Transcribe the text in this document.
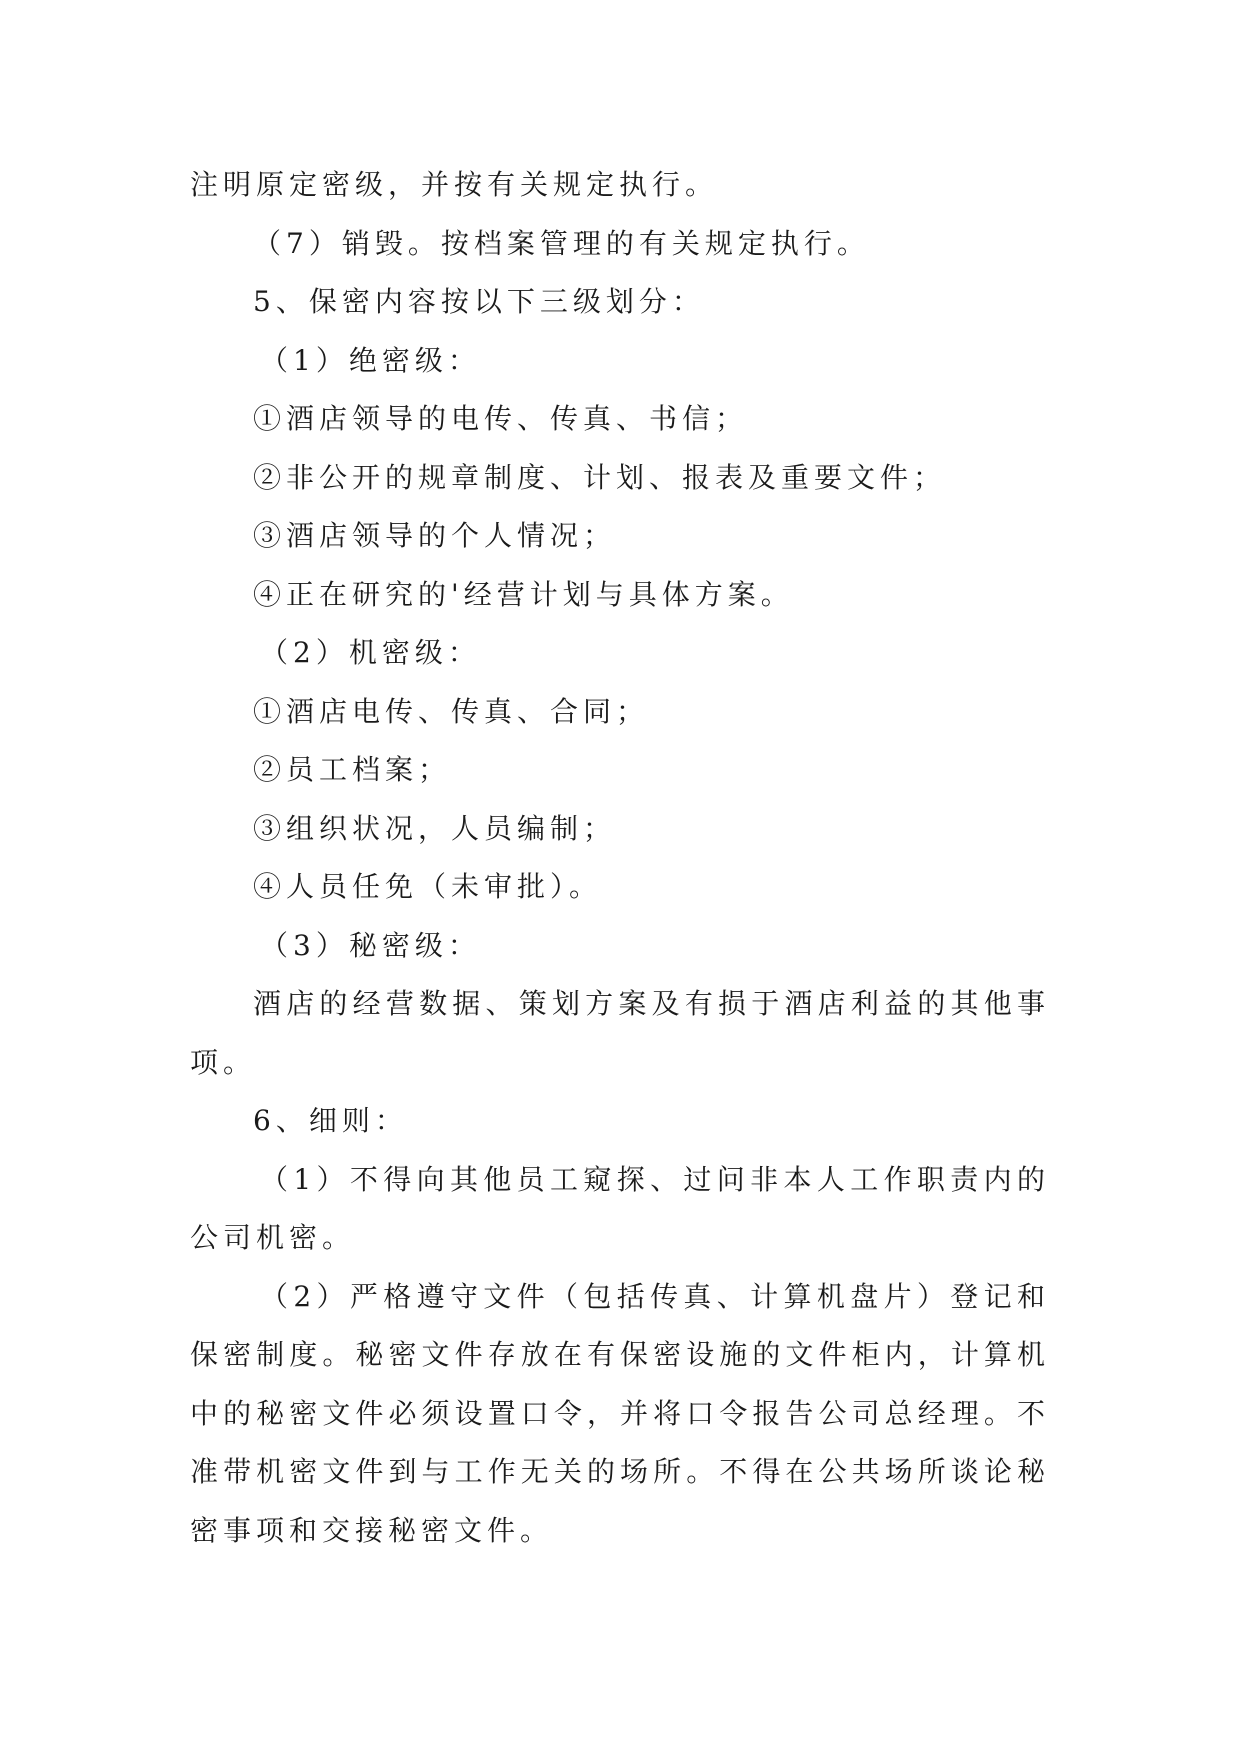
注明原定密级，并按有关规定执行。
（7）销毁。按档案管理的有关规定执行。
5、保密内容按以下三级划分：
（1）绝密级：
①酒店领导的电传、传真、书信；
②非公开的规章制度、计划、报表及重要文件；
③酒店领导的个人情况；
④正在研究的'经营计划与具体方案。
（2）机密级：
①酒店电传、传真、合同；
②员工档案；
③组织状况，人员编制；
④人员任免（未审批）。
（3）秘密级：
酒店的经营数据、策划方案及有损于酒店利益的其他事
项。
6、细则：
（1）不得向其他员工窥探、过问非本人工作职责内的
公司机密。
（2）严格遵守文件（包括传真、计算机盘片）登记和
保密制度。秘密文件存放在有保密设施的文件柜内，计算机
中的秘密文件必须设置口令，并将口令报告公司总经理。不
准带机密文件到与工作无关的场所。不得在公共场所谈论秘
密事项和交接秘密文件。
